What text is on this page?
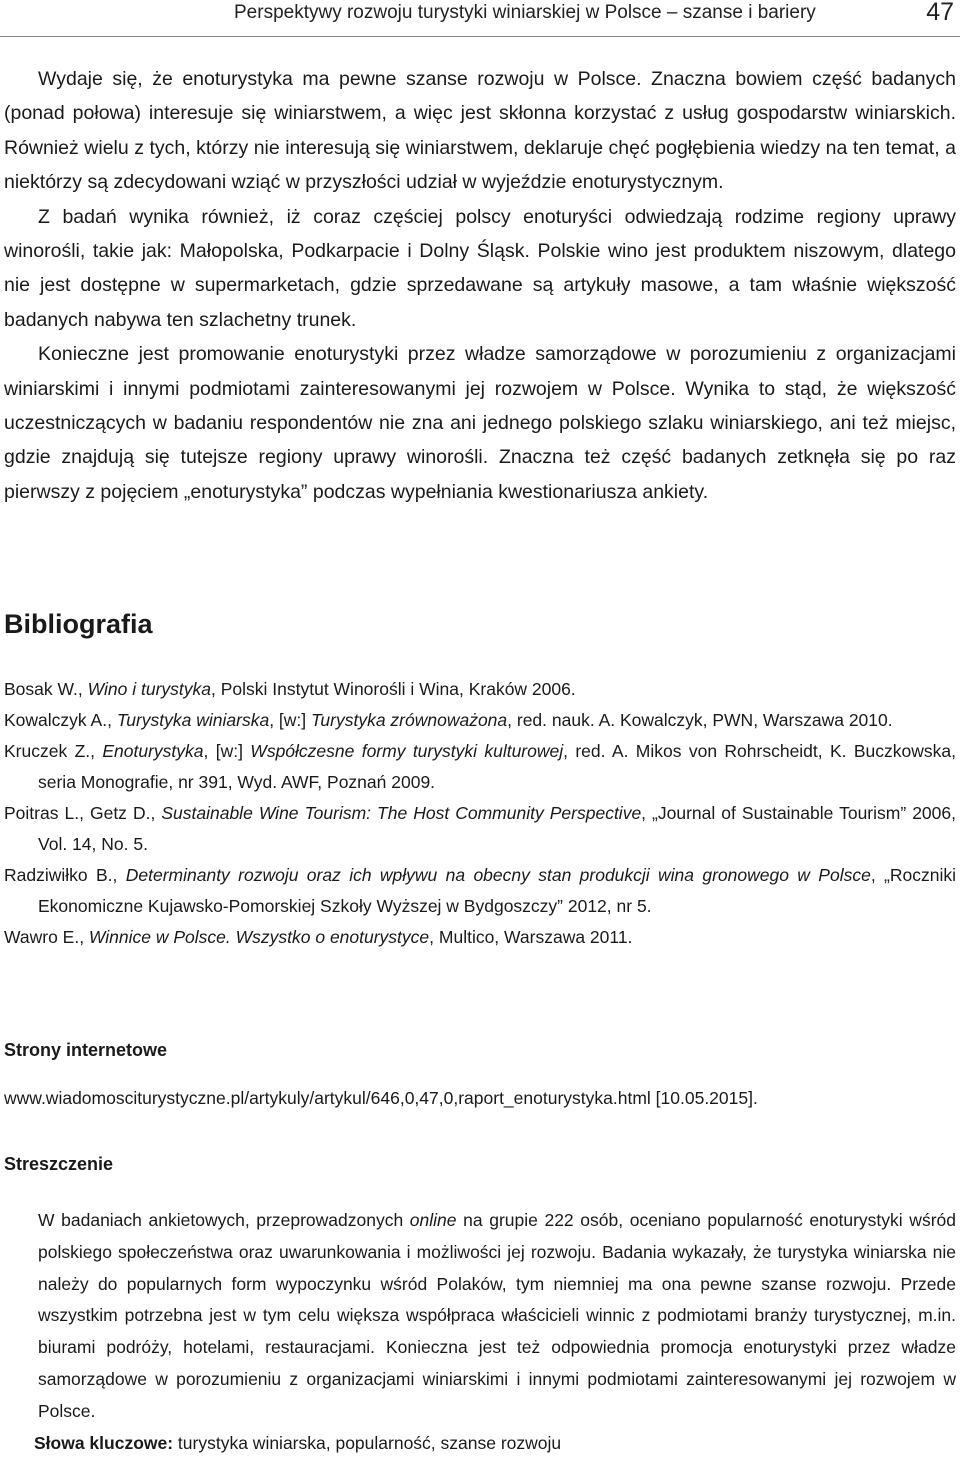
Perspektywy rozwoju turystyki winiarskiej w Polsce – szanse i bariery	47

Wydaje się, że enoturystyka ma pewne szanse rozwoju w Polsce. Znaczna bowiem część badanych (ponad połowa) interesuje się winiarstwem, a więc jest skłonna korzystać z usług gospodarstw winiarskich. Również wielu z tych, którzy nie interesują się winiarstwem, deklaruje chęć pogłębienia wiedzy na ten temat, a niektórzy są zdecydowani wziąć w przyszłości udział w wyjeździe enoturystycznym.

Z badań wynika również, iż coraz częściej polscy enoturyści odwiedzają rodzime regiony uprawy winorośli, takie jak: Małopolska, Podkarpacie i Dolny Śląsk. Polskie wino jest produktem niszowym, dlatego nie jest dostępne w supermarketach, gdzie sprzedawane są artykuły masowe, a tam właśnie większość badanych nabywa ten szlachetny trunek.

Konieczne jest promowanie enoturystyki przez władze samorządowe w porozumieniu z organizacjami winiarskimi i innymi podmiotami zainteresowanymi jej rozwojem w Polsce. Wynika to stąd, że większość uczestniczących w badaniu respondentów nie zna ani jednego polskiego szlaku winiarskiego, ani też miejsc, gdzie znajdują się tutejsze regiony uprawy winorośli. Znaczna też część badanych zetknęła się po raz pierwszy z pojęciem „enoturystyka” podczas wypełniania kwestionariusza ankiety.

Bibliografia

Bosak W., Wino i turystyka, Polski Instytut Winorośli i Wina, Kraków 2006.

Kowalczyk A., Turystyka winiarska, [w:] Turystyka zrównoważona, red. nauk. A. Kowalczyk, PWN, Warszawa 2010.

Kruczek Z., Enoturystyka, [w:] Współczesne formy turystyki kulturowej, red. A. Mikos von Rohrscheidt, K. Buczkowska, seria Monografie, nr 391, Wyd. AWF, Poznań 2009.

Poitras L., Getz D., Sustainable Wine Tourism: The Host Community Perspective, „Journal of Sustainable Tourism” 2006, Vol. 14, No. 5.

Radziwiłko B., Determinanty rozwoju oraz ich wpływu na obecny stan produkcji wina gronowego w Polsce, „Roczniki Ekonomiczne Kujawsko-Pomorskiej Szkoły Wyższej w Bydgoszczy” 2012, nr 5.

Wawro E., Winnice w Polsce. Wszystko o enoturystyce, Multico, Warszawa 2011.

Strony internetowe
www.wiadomosciturystyczne.pl/artykuly/artykul/646,0,47,0,raport_enoturystyka.html [10.05.2015].
Streszczenie

W badaniach ankietowych, przeprowadzonych online na grupie 222 osób, oceniano popularność enoturystyki wśród polskiego społeczeństwa oraz uwarunkowania i możliwości jej rozwoju. Badania wykazały, że turystyka winiarska nie należy do popularnych form wypoczynku wśród Polaków, tym niemniej ma ona pewne szanse rozwoju. Przede wszystkim potrzebna jest w tym celu większa współpraca właścicieli winnic z podmiotami branży turystycznej, m.in. biurami podróży, hotelami, restauracjami. Konieczna jest też odpowiednia promocja enoturystyki przez władze samorządowe w porozumieniu z organizacjami winiarskimi i innymi podmiotami zainteresowanymi jej rozwojem w Polsce.

Słowa kluczowe: turystyka winiarska, popularność, szanse rozwoju
